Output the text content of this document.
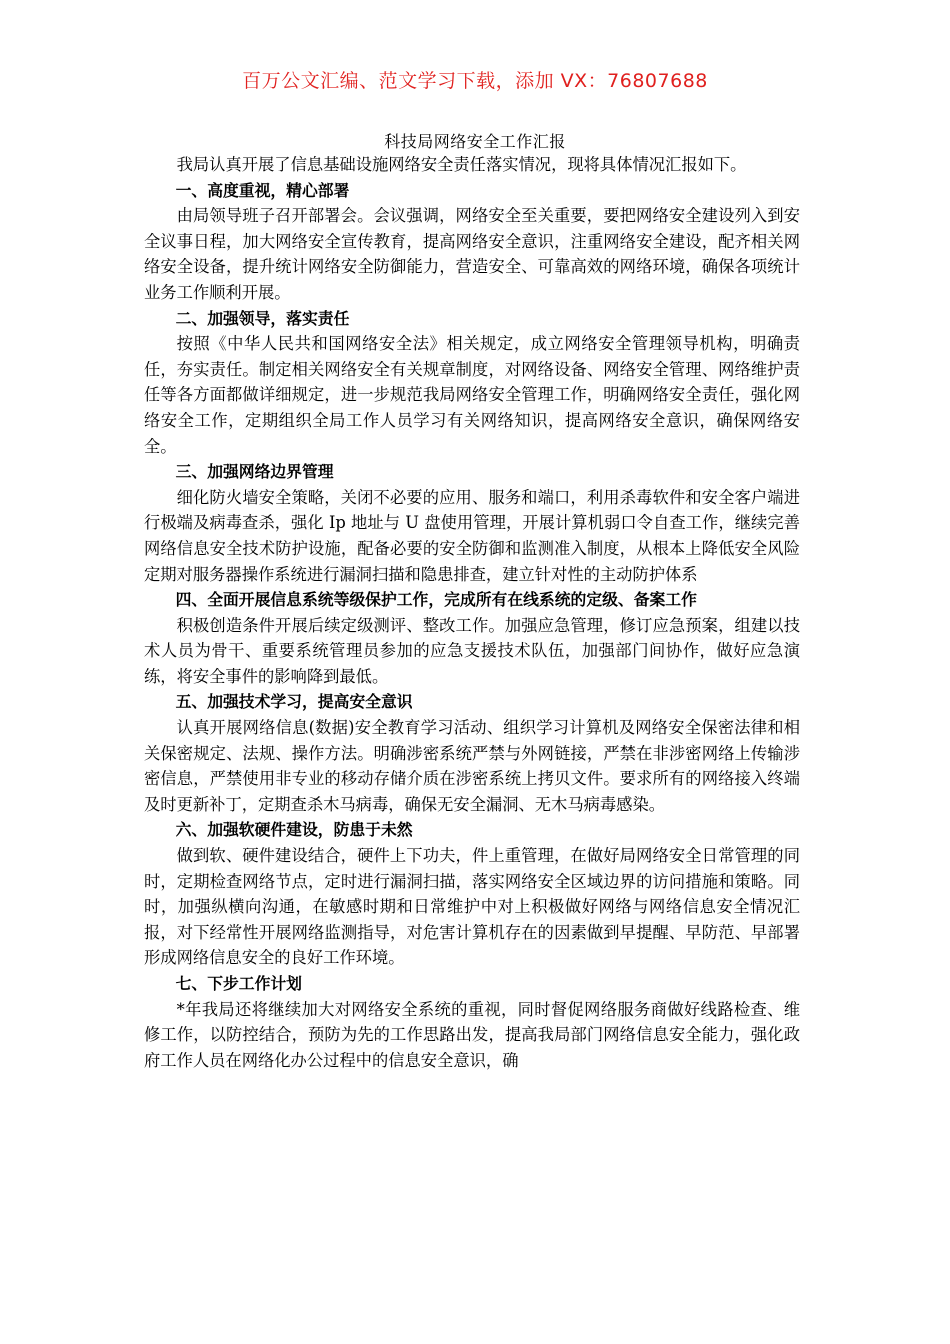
百万公文汇编、范文学习下载，添加 VX：76807688
科技局网络安全工作汇报

我局认真开展了信息基础设施网络安全责任落实情况，现将具体情况汇报如下。

一、高度重视，精心部署

由局领导班子召开部署会。会议强调，网络安全至关重要，要把网络安全建设列入到安全议事日程，加大网络安全宣传教育，提高网络安全意识，注重网络安全建设，配齐相关网络安全设备，提升统计网络安全防御能力，营造安全、可靠高效的网络环境，确保各项统计业务工作顺利开展。

二、加强领导，落实责任

按照《中华人民共和国网络安全法》相关规定，成立网络安全管理领导机构，明确责任，夯实责任。制定相关网络安全有关规章制度，对网络设备、网络安全管理、网络维护责任等各方面都做详细规定，进一步规范我局网络安全管理工作，明确网络安全责任，强化网络安全工作，定期组织全局工作人员学习有关网络知识，提高网络安全意识，确保网络安全。

三、加强网络边界管理

细化防火墙安全策略，关闭不必要的应用、服务和端口，利用杀毒软件和安全客户端进行极端及病毒查杀，强化 Ip 地址与 U 盘使用管理，开展计算机弱口令自查工作，继续完善网络信息安全技术防护设施，配备必要的安全防御和监测准入制度，从根本上降低安全风险定期对服务器操作系统进行漏洞扫描和隐患排查，建立针对性的主动防护体系

四、全面开展信息系统等级保护工作，完成所有在线系统的定级、备案工作

积极创造条件开展后续定级测评、整改工作。加强应急管理，修订应急预案，组建以技术人员为骨干、重要系统管理员参加的应急支援技术队伍，加强部门间协作，做好应急演练，将安全事件的影响降到最低。

五、加强技术学习，提高安全意识

认真开展网络信息(数据)安全教育学习活动、组织学习计算机及网络安全保密法律和相关保密规定、法规、操作方法。明确涉密系统严禁与外网链接，严禁在非涉密网络上传输涉密信息，严禁使用非专业的移动存储介质在涉密系统上拷贝文件。要求所有的网络接入终端及时更新补丁，定期查杀木马病毒，确保无安全漏洞、无木马病毒感染。

六、加强软硬件建设，防患于未然

做到软、硬件建设结合，硬件上下功夫，件上重管理，在做好局网络安全日常管理的同时，定期检查网络节点，定时进行漏洞扫描，落实网络安全区域边界的访问措施和策略。同时，加强纵横向沟通，在敏感时期和日常维护中对上积极做好网络与网络信息安全情况汇报，对下经常性开展网络监测指导，对危害计算机存在的因素做到早提醒、早防范、早部署形成网络信息安全的良好工作环境。

七、下步工作计划

*年我局还将继续加大对网络安全系统的重视，同时督促网络服务商做好线路检查、维修工作，以防控结合，预防为先的工作思路出发，提高我局部门网络信息安全能力，强化政府工作人员在网络化办公过程中的信息安全意识，确
